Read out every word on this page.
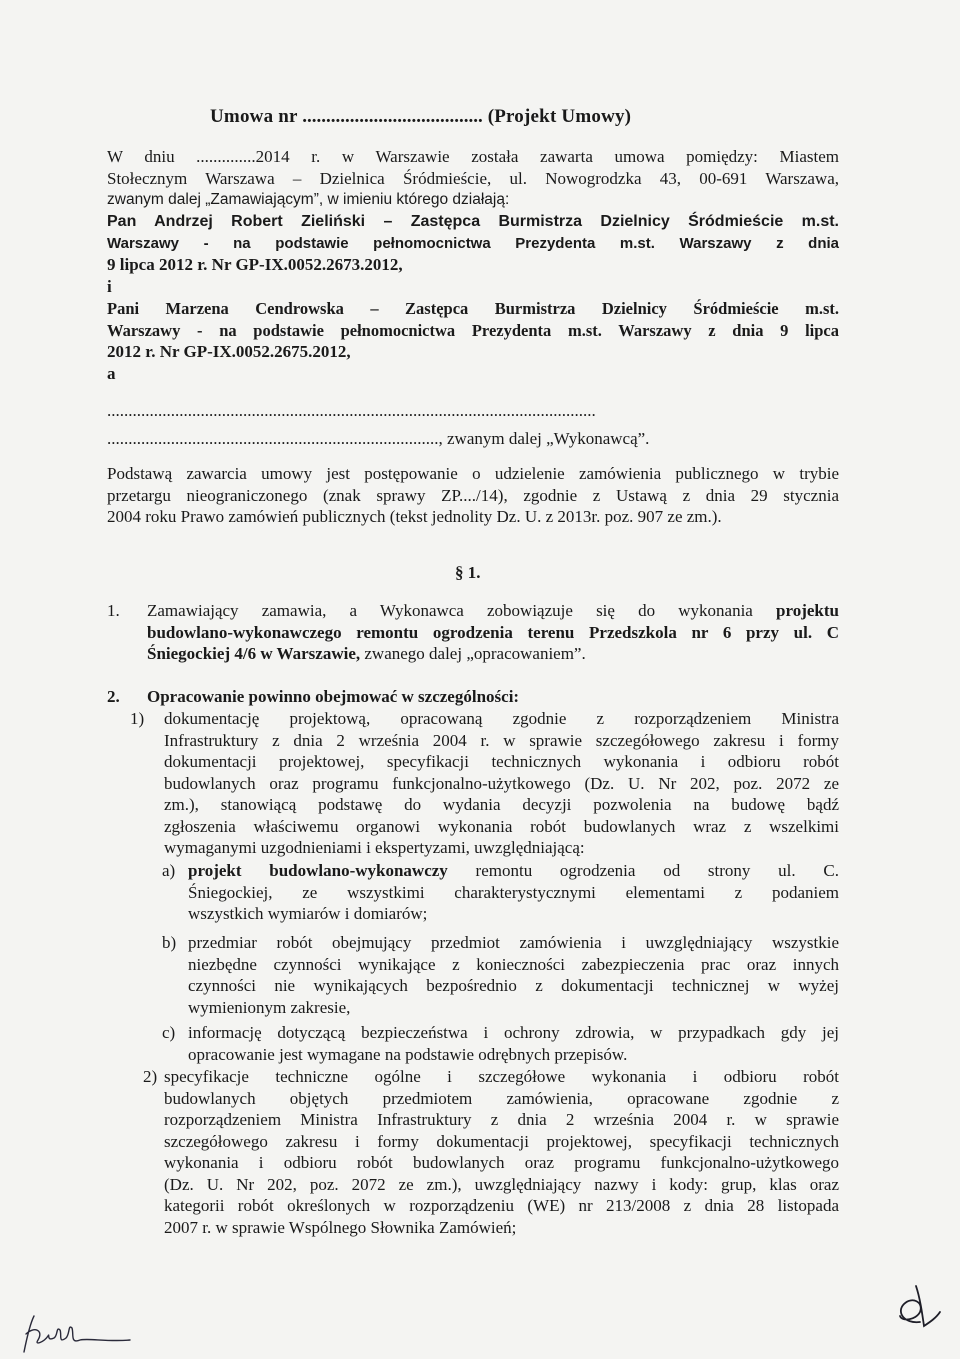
Umowa nr ...................................... (Projekt Umowy)
W dniu ..............2014 r. w Warszawie została zawarta umowa pomiędzy: Miastem
Stołecznym Warszawa – Dzielnica Śródmieście, ul. Nowogrodzka 43, 00-691 Warszawa,
zwanym dalej „Zamawiającym”, w imieniu którego działają:
Pan Andrzej Robert Zieliński – Zastępca Burmistrza Dzielnicy Śródmieście m.st.
Warszawy - na podstawie pełnomocnictwa Prezydenta m.st. Warszawy z dnia
9 lipca 2012 r. Nr GP-IX.0052.2673.2012,
i
Pani Marzena Cendrowska – Zastępca Burmistrza Dzielnicy Śródmieście m.st.
Warszawy - na podstawie pełnomocnictwa Prezydenta m.st. Warszawy z dnia 9 lipca
2012 r. Nr GP-IX.0052.2675.2012,
a
...................................................................................................................
.............................................................................., zwanym dalej „Wykonawcą”.
Podstawą zawarcia umowy jest postępowanie o udzielenie zamówienia publicznego w trybie
przetargu nieograniczonego (znak sprawy ZP..../14), zgodnie z Ustawą z dnia 29 stycznia
2004 roku Prawo zamówień publicznych (tekst jednolity Dz. U. z 2013r. poz. 907 ze zm.).
§ 1.
1. Zamawiający zamawia, a Wykonawca zobowiązuje się do wykonania projektu
budowlano-wykonawczego remontu ogrodzenia terenu Przedszkola nr 6 przy ul. C
Śniegockiej 4/6 w Warszawie, zwanego dalej „opracowaniem”.
2. Opracowanie powinno obejmować w szczególności:
1) dokumentację projektową, opracowaną zgodnie z rozporządzeniem Ministra
Infrastruktury z dnia 2 września 2004 r. w sprawie szczegółowego zakresu i formy
dokumentacji projektowej, specyfikacji technicznych wykonania i odbioru robót
budowlanych oraz programu funkcjonalno-użytkowego (Dz. U. Nr 202, poz. 2072 ze
zm.), stanowiącą podstawę do wydania decyzji pozwolenia na budowę bądź
zgłoszenia właściwemu organowi wykonania robót budowlanych wraz z wszelkimi
wymaganymi uzgodnieniami i ekspertyzami, uwzględniającą:
a) projekt budowlano-wykonawczy remontu ogrodzenia od strony ul. C.
Śniegockiej, ze wszystkimi charakterystycznymi elementami z podaniem
wszystkich wymiarów i domiarów;
b) przedmiar robót obejmujący przedmiot zamówienia i uwzględniający wszystkie
niezbędne czynności wynikające z konieczności zabezpieczenia prac oraz innych
czynności nie wynikających bezpośrednio z dokumentacji technicznej w wyżej
wymienionym zakresie,
c) informację dotyczącą bezpieczeństwa i ochrony zdrowia, w przypadkach gdy jej
opracowanie jest wymagane na podstawie odrębnych przepisów.
2) specyfikacje techniczne ogólne i szczegółowe wykonania i odbioru robót
budowlanych objętych przedmiotem zamówienia, opracowane zgodnie z
rozporządzeniem Ministra Infrastruktury z dnia 2 września 2004 r. w sprawie
szczegółowego zakresu i formy dokumentacji projektowej, specyfikacji technicznych
wykonania i odbioru robót budowlanych oraz programu funkcjonalno-użytkowego
(Dz. U. Nr 202, poz. 2072 ze zm.), uwzględniający nazwy i kody: grup, klas oraz
kategorii robót określonych w rozporządzeniu (WE) nr 213/2008 z dnia 28 listopada
2007 r. w sprawie Wspólnego Słownika Zamówień;
